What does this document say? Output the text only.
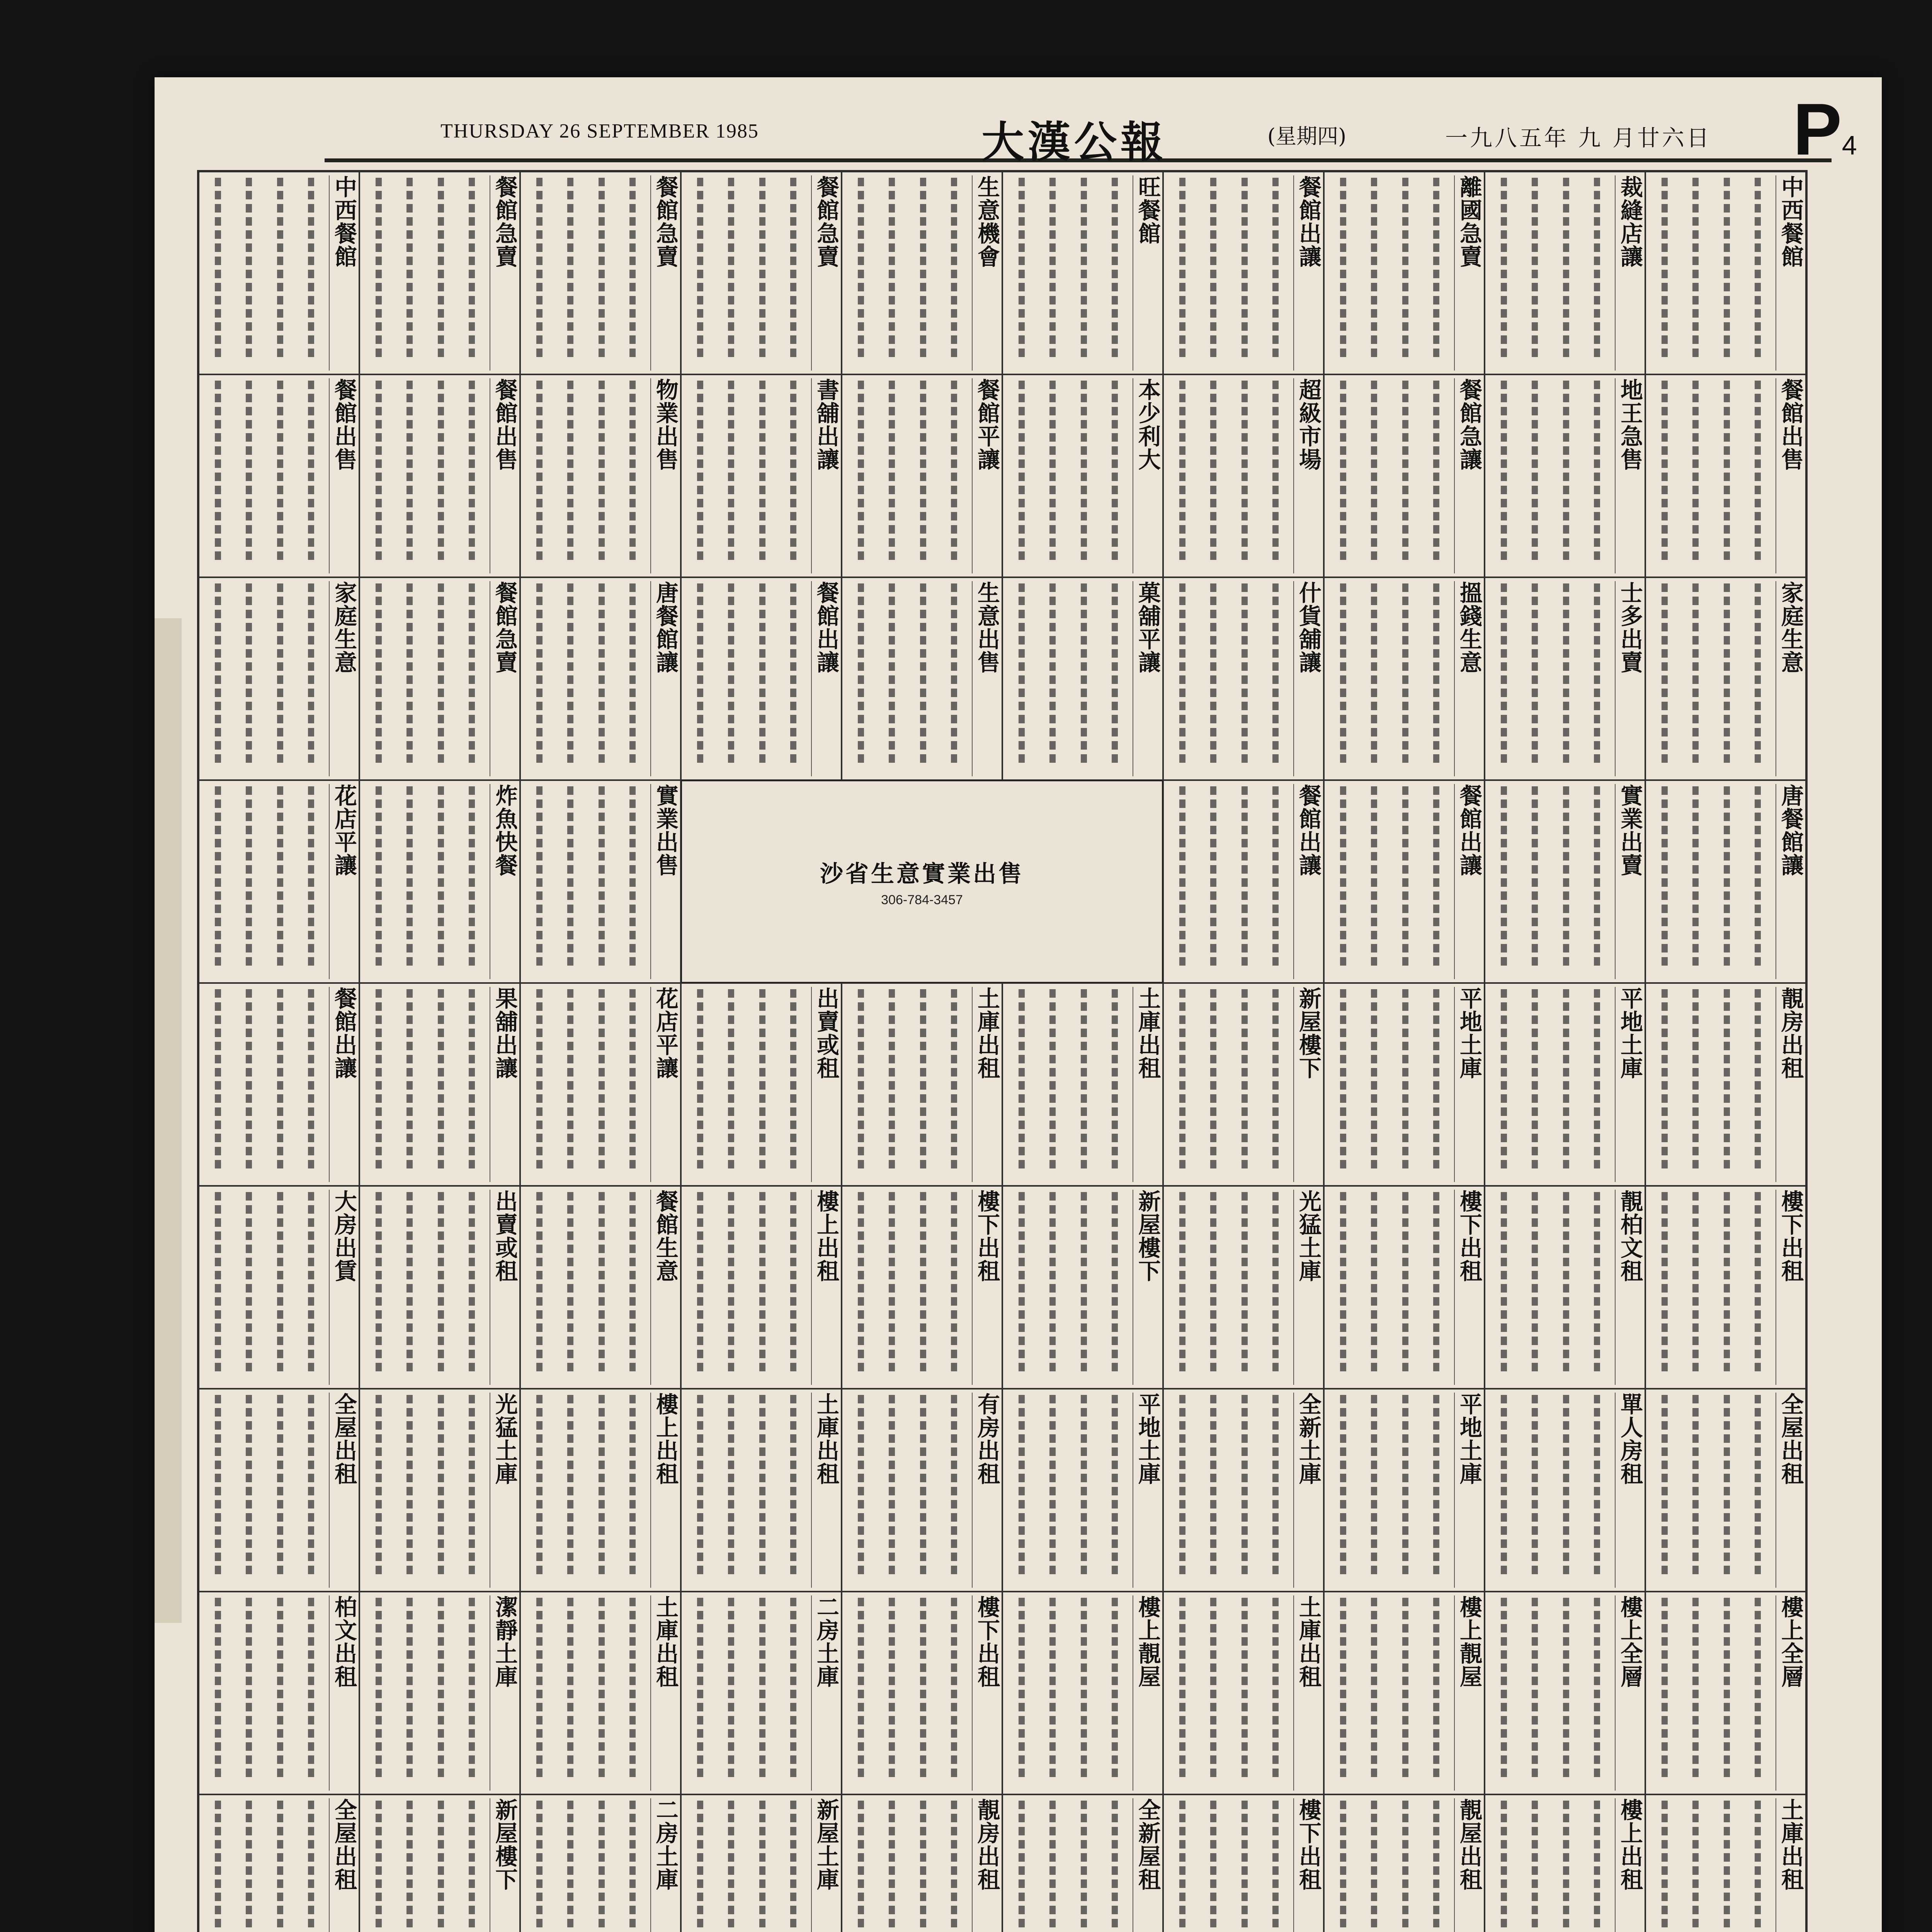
THURSDAY 26 SEPTEMBER 1985	大漢公報	(星期四)	一九八五年 九 月廿六日 P4
中西餐館	餐館急賣	餐館急賣	餐館急賣	生意機會	旺餐館	餐館出讓	離國急賣	裁縫店讓	中西餐館
餐館出售	餐館出售	物業出售	書舖出讓	餐館平讓	本少利大	超級市場	餐館急讓	地王急售	餐館出售
家庭生意	餐館急賣	唐餐館讓	餐館出讓	生意出售	菓舖平讓	什貨舖讓	搵錢生意	士多出賣	家庭生意
花店平讓	炸魚快餐	實業出售	餐館出讓	餐館出讓	實業出賣	唐餐館讓
餐館出讓	果舖出讓	花店平讓	出賣或租	土庫出租	土庫出租	新屋樓下	平地土庫	平地土庫	靚房出租
大房出賃	出賣或租	餐館生意	樓上出租	樓下出租	新屋樓下	光猛土庫	樓下出租	靚柏文租	樓下出租
全屋出租	光猛土庫	樓上出租	土庫出租	有房出租	平地土庫	全新土庫	平地土庫	單人房租	全屋出租
柏文出租	潔靜土庫	土庫出租	二房土庫	樓下出租	樓上靚屋	土庫出租	樓上靚屋	樓上全層	樓上全層
全屋出租	新屋樓下	二房土庫	新屋土庫	靚房出租	全新屋租	樓下出租	靚屋出租	樓上出租	土庫出租
沙省生意實業出售
306-784-3457
